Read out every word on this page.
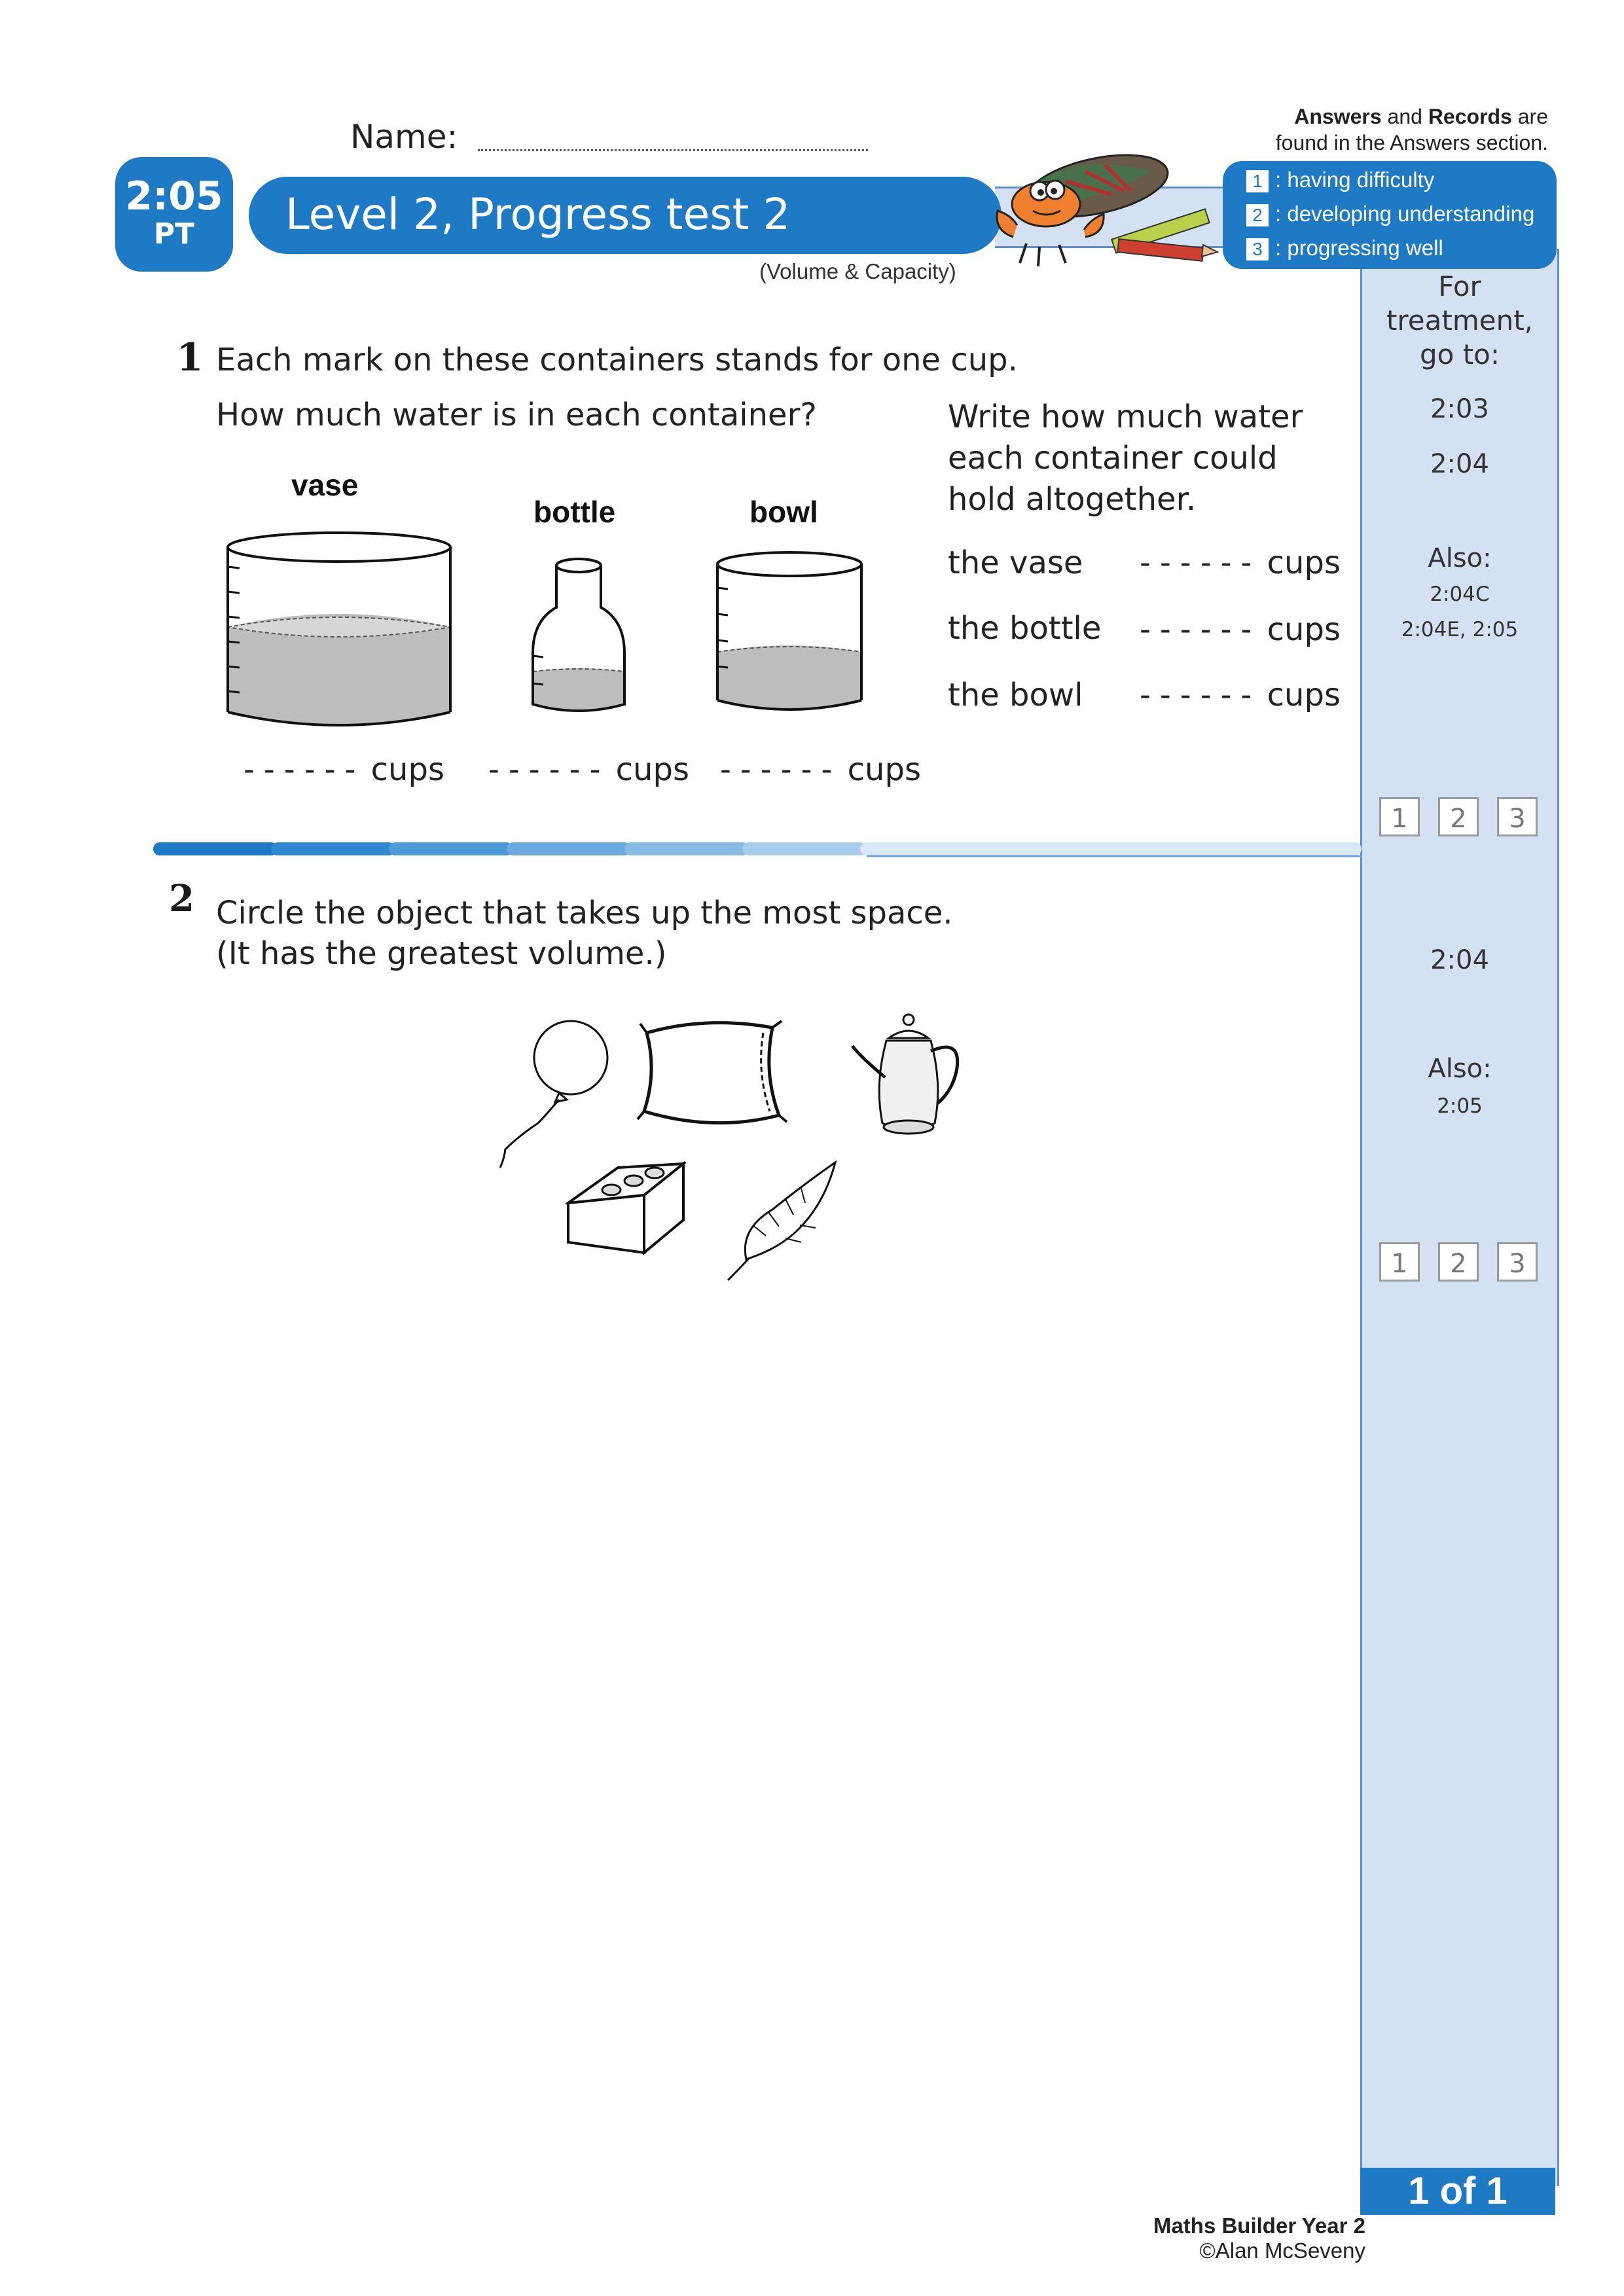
For treatment,
go to:
2:03
2:04
Also:
2:04C
2:04E, 2:05
1	2	3
2:04
Also:
2:05
1	2	3
1 of 1
Name:
Answers and Records are
found in the Answers section.
Level 2, Progress test 2
2:05
PT
(Volume & Capacity)
1 : having difficulty
2 : developing understanding
3 : progressing well
1 Each mark on these containers stands for one cup.
How much water is in each container?
vase
bottle	bowl
------ cups ------ cups ------ cups
Write how much water
each container could
hold altogether.
the vase ------ cups
the bottle ------ cups
the bowl ------ cups
2 Circle the object that takes up the most space.
(It has the greatest volume.)
Maths Builder Year 2
©Alan McSeveny
